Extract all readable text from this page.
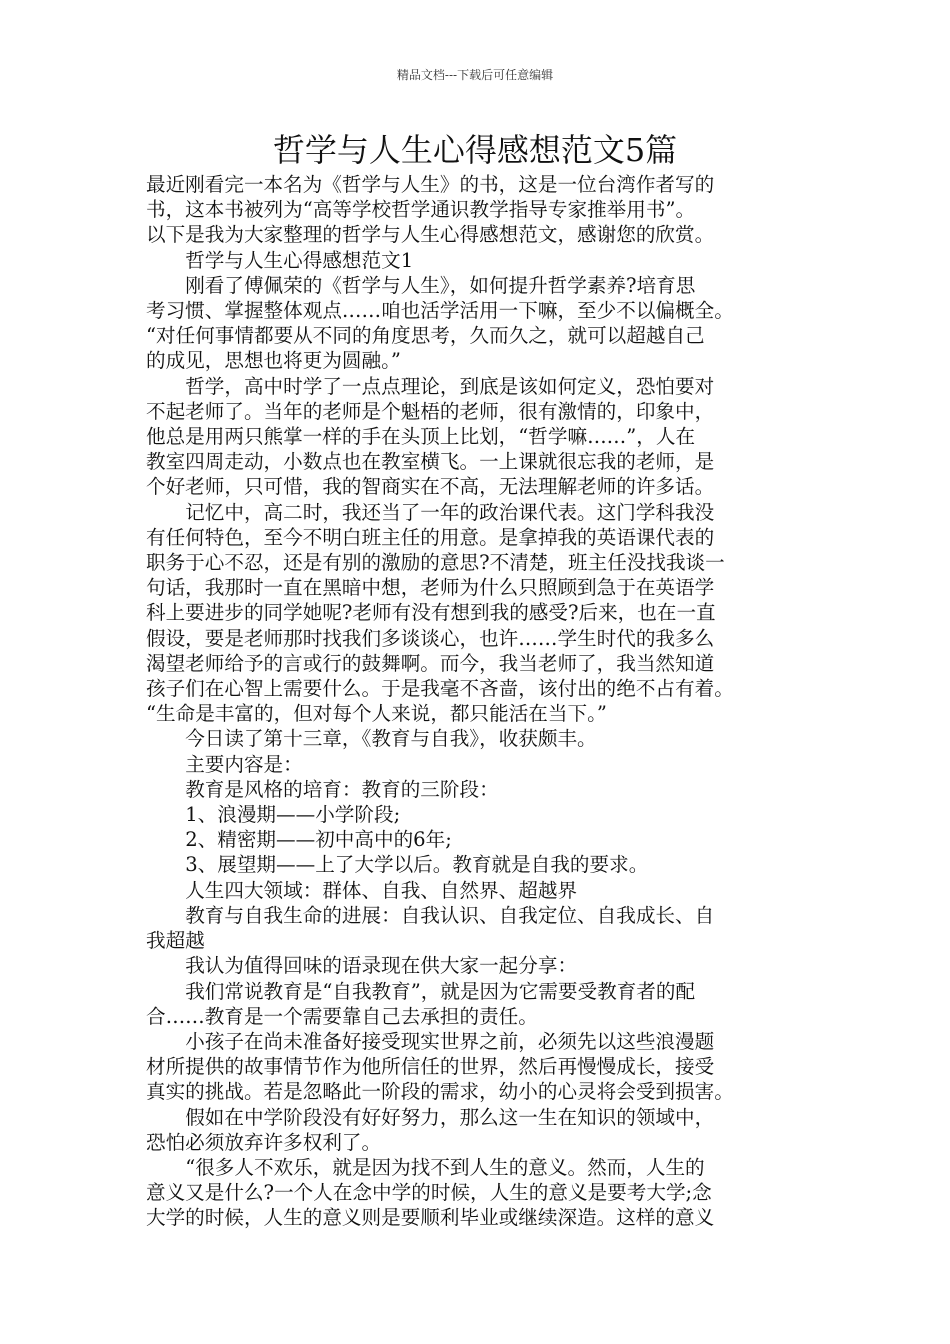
精品文档---下载后可任意编辑
哲学与人生心得感想范文5篇

最近刚看完一本名为《哲学与人生》的书，这是一位台湾作者写的

书，这本书被列为“高等学校哲学通识教学指导专家推举用书”。

以下是我为大家整理的哲学与人生心得感想范文，感谢您的欣赏。

哲学与人生心得感想范文1

刚看了傅佩荣的《哲学与人生》，如何提升哲学素养?培育思

考习惯、掌握整体观点……咱也活学活用一下嘛，至少不以偏概全。

“对任何事情都要从不同的角度思考，久而久之，就可以超越自己

的成见，思想也将更为圆融。”

哲学，高中时学了一点点理论，到底是该如何定义，恐怕要对

不起老师了。当年的老师是个魁梧的老师，很有激情的，印象中，

他总是用两只熊掌一样的手在头顶上比划，“哲学嘛……”，人在

教室四周走动，小数点也在教室横飞。一上课就很忘我的老师，是

个好老师，只可惜，我的智商实在不高，无法理解老师的许多话。

记忆中，高二时，我还当了一年的政治课代表。这门学科我没

有任何特色，至今不明白班主任的用意。是拿掉我的英语课代表的

职务于心不忍，还是有别的激励的意思?不清楚，班主任没找我谈一

句话，我那时一直在黑暗中想，老师为什么只照顾到急于在英语学

科上要进步的同学她呢?老师有没有想到我的感受?后来，也在一直

假设，要是老师那时找我们多谈谈心，也许……学生时代的我多么

渴望老师给予的言或行的鼓舞啊。而今，我当老师了，我当然知道

孩子们在心智上需要什么。于是我毫不吝啬，该付出的绝不占有着。

“生命是丰富的，但对每个人来说，都只能活在当下。”

今日读了第十三章，《教育与自我》，收获颇丰。

主要内容是：

教育是风格的培育：教育的三阶段：

1、浪漫期——小学阶段;

2、精密期——初中高中的6年;

3、展望期——上了大学以后。教育就是自我的要求。

人生四大领域：群体、自我、自然界、超越界

教育与自我生命的进展：自我认识、自我定位、自我成长、自

我超越

我认为值得回味的语录现在供大家一起分享：

我们常说教育是“自我教育”，就是因为它需要受教育者的配

合……教育是一个需要靠自己去承担的责任。

小孩子在尚未准备好接受现实世界之前，必须先以这些浪漫题

材所提供的故事情节作为他所信任的世界，然后再慢慢成长，接受

真实的挑战。若是忽略此一阶段的需求，幼小的心灵将会受到损害。

假如在中学阶段没有好好努力，那么这一生在知识的领域中，

恐怕必须放弃许多权利了。

“很多人不欢乐，就是因为找不到人生的意义。然而，人生的

意义又是什么?一个人在念中学的时候，人生的意义是要考大学;念

大学的时候，人生的意义则是要顺利毕业或继续深造。这样的意义
